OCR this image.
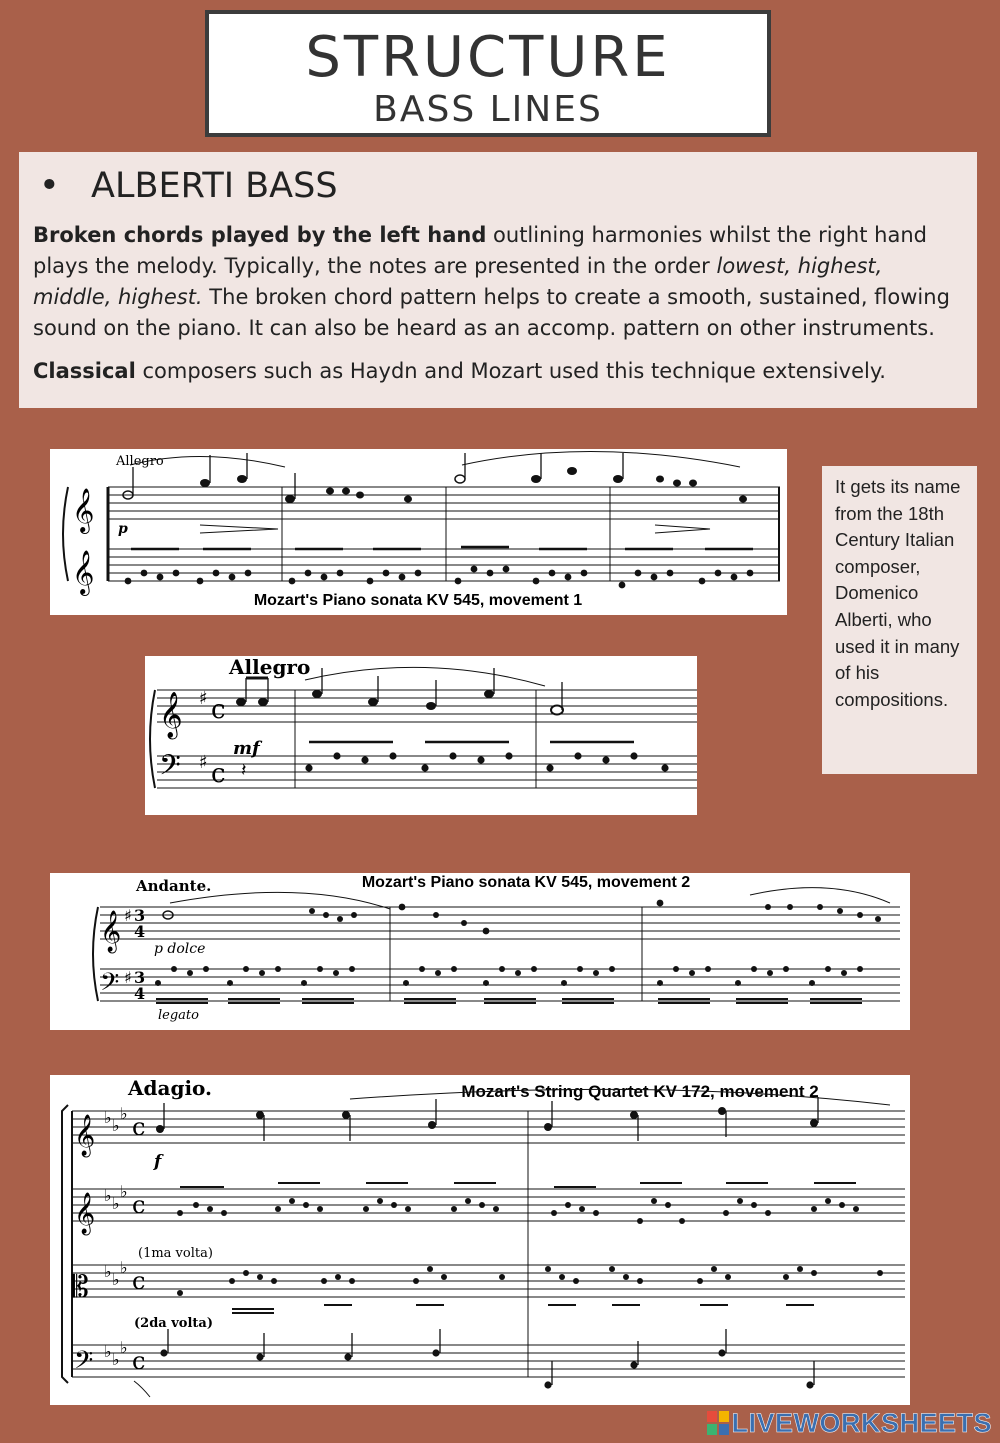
STRUCTURE
BASS LINES
• ALBERTI BASS

Broken chords played by the left hand outlining harmonies whilst the right hand plays the melody. Typically, the notes are presented in the order lowest, highest, middle, highest. The broken chord pattern helps to create a smooth, sustained, flowing sound on the piano. It can also be heard as an accomp. pattern on other instruments.

Classical composers such as Haydn and Mozart used this technique extensively.

It gets its name from the 18th Century Italian composer, Domenico Alberti, who used it in many of his compositions.
𝄞
𝄞
Allegro
p
Mozart's Piano sonata KV 545, movement 1
𝄞
𝄢
♯
♯
c
c
Allegro
mf
𝄽
𝄞
𝄢
♯
♯
3
4
3
4
Andante.	Mozart's Piano sonata KV 545, movement 2
p dolce
legato
𝄞
𝄞
𝄡
𝄢
♭ ♭
♭
♭ ♭
♭
♭ ♭
♭
♭ ♭
♭
c
c
c
c
Adagio.	Mozart's String Quartet KV 172, movement 2
f
(1ma volta)
(2da volta)
LIVEWORKSHEETS
